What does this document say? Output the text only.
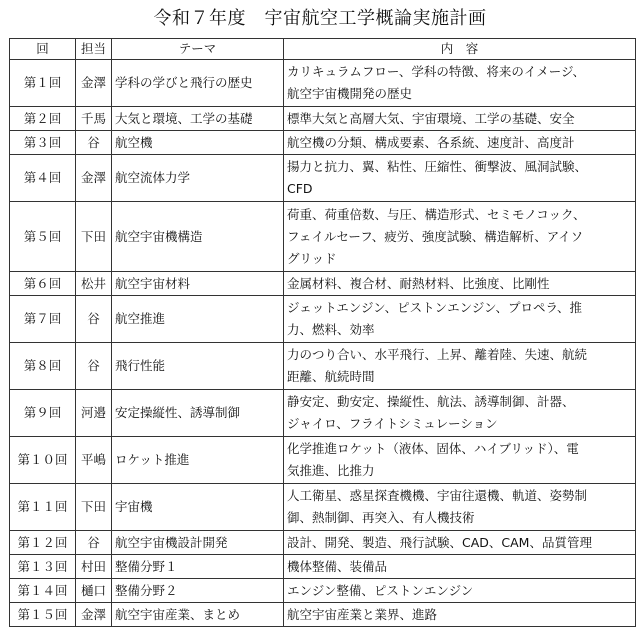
令和７年度　宇宙航空工学概論実施計画
回	担当	テーマ	内　容
第１回	金澤	学科の学びと飛行の歴史	カリキュラムフロー、学科の特徴、将来のイメージ、
航空宇宙機開発の歴史

第２回	千馬	大気と環境、工学の基礎	標準大気と高層大気、宇宙環境、工学の基礎、安全

第３回	谷	航空機	航空機の分類、構成要素、各系統、速度計、高度計

第４回	金澤	航空流体力学	揚力と抗力、翼、粘性、圧縮性、衝撃波、風洞試験、
CFD

第５回	下田	航空宇宙機構造	荷重、荷重倍数、与圧、構造形式、セミモノコック、
フェイルセーフ、疲労、強度試験、構造解析、アイソ
グリッド

第６回	松井	航空宇宙材料	金属材料、複合材、耐熱材料、比強度、比剛性

第７回	谷	航空推進	ジェットエンジン、ピストンエンジン、プロペラ、推
力、燃料、効率

第８回	谷	飛行性能	力のつり合い、水平飛行、上昇、離着陸、失速、航続
距離、航続時間

第９回	河邉	安定操縦性、誘導制御	静安定、動安定、操縦性、航法、誘導制御、計器、
ジャイロ、フライトシミュレーション

第１０回	平嶋	ロケット推進	化学推進ロケット（液体、固体、ハイブリッド）、電
気推進、比推力

第１１回	下田	宇宙機	人工衛星、惑星探査機機、宇宙往還機、軌道、姿勢制
御、熱制御、再突入、有人機技術

第１２回	谷	航空宇宙機設計開発	設計、開発、製造、飛行試験、CAD、CAM、品質管理

第１３回	村田	整備分野１	機体整備、装備品

第１４回	樋口	整備分野２	エンジン整備、ピストンエンジン

第１５回	金澤	航空宇宙産業、まとめ	航空宇宙産業と業界、進路
